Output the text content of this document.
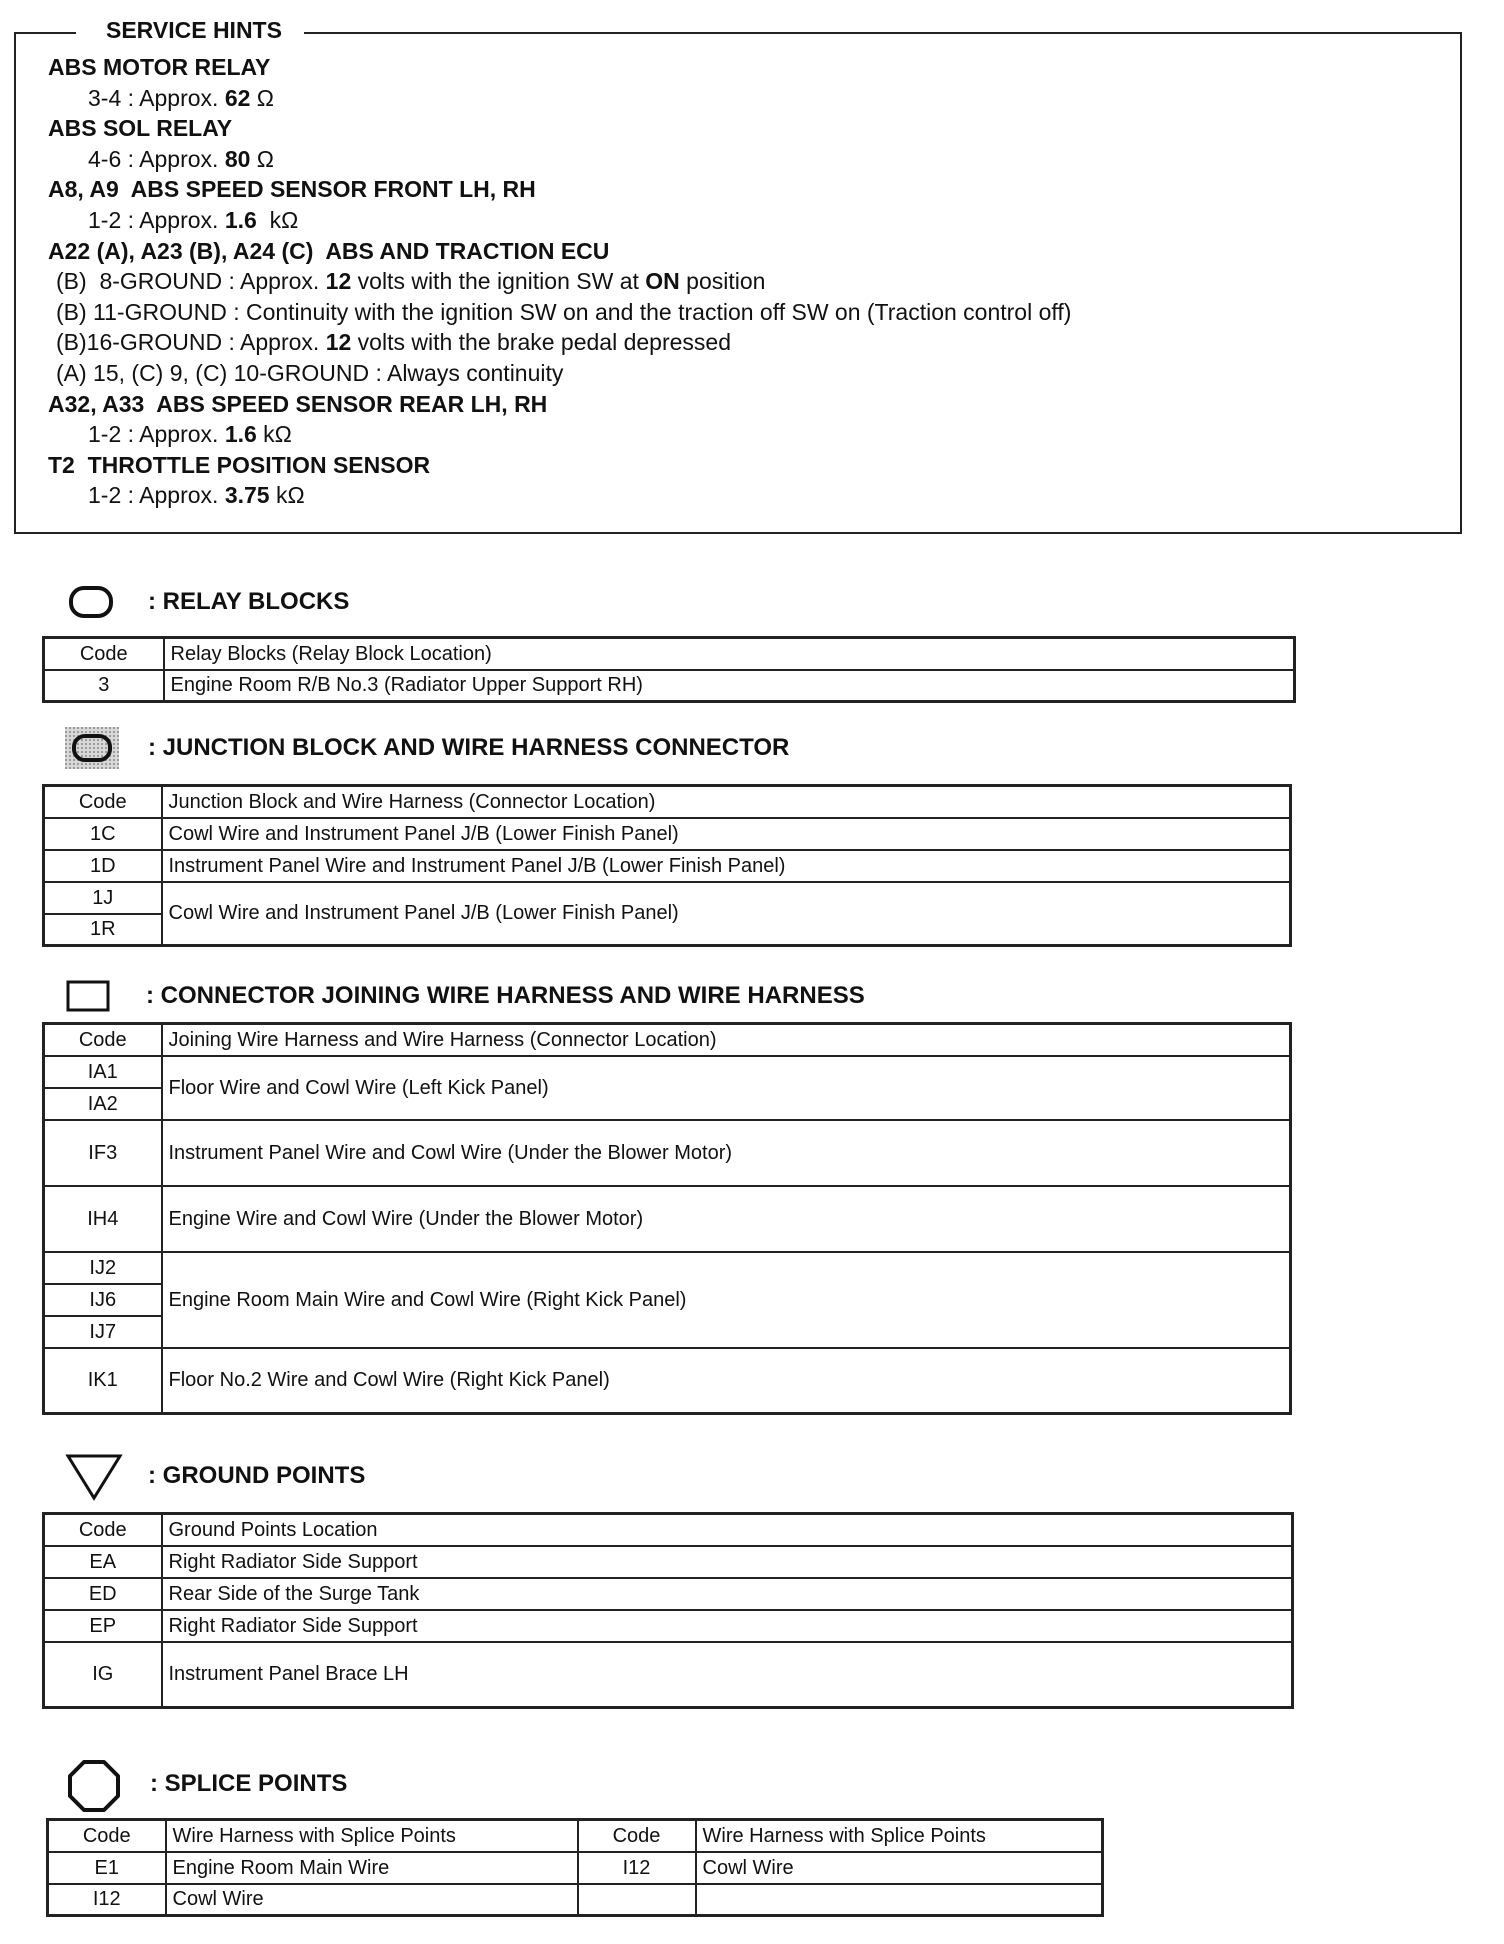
SERVICE HINTS
ABS MOTOR RELAY
3-4 : Approx. 62 Ω
ABS SOL RELAY
4-6 : Approx. 80 Ω
A8, A9  ABS SPEED SENSOR FRONT LH, RH
1-2 : Approx. 1.6  kΩ
A22 (A), A23 (B), A24 (C)  ABS AND TRACTION ECU
(B)  8-GROUND : Approx. 12 volts with the ignition SW at ON position
(B) 11-GROUND : Continuity with the ignition SW on and the traction off SW on (Traction control off)
(B)16-GROUND : Approx. 12 volts with the brake pedal depressed
(A) 15, (C) 9, (C) 10-GROUND : Always continuity
A32, A33  ABS SPEED SENSOR REAR LH, RH
1-2 : Approx. 1.6 kΩ
T2  THROTTLE POSITION SENSOR
1-2 : Approx. 3.75 kΩ
: RELAY BLOCKS
Code	Relay Blocks (Relay Block Location)
3	Engine Room R/B No.3 (Radiator Upper Support RH)
: JUNCTION BLOCK AND WIRE HARNESS CONNECTOR
Code	Junction Block and Wire Harness (Connector Location)
1C	Cowl Wire and Instrument Panel J/B (Lower Finish Panel)
1D	Instrument Panel Wire and Instrument Panel J/B (Lower Finish Panel)
1J	Cowl Wire and Instrument Panel J/B (Lower Finish Panel)
1R	
: CONNECTOR JOINING WIRE HARNESS AND WIRE HARNESS
Code	Joining Wire Harness and Wire Harness (Connector Location)
IA1	Floor Wire and Cowl Wire (Left Kick Panel)
IA2	
IF3	Instrument Panel Wire and Cowl Wire (Under the Blower Motor)
IH4	Engine Wire and Cowl Wire (Under the Blower Motor)
IJ2	Engine Room Main Wire and Cowl Wire (Right Kick Panel)
IJ6	
IJ7	
IK1	Floor No.2 Wire and Cowl Wire (Right Kick Panel)
: GROUND POINTS
Code	Ground Points Location
EA	Right Radiator Side Support
ED	Rear Side of the Surge Tank
EP	Right Radiator Side Support
IG	Instrument Panel Brace LH
: SPLICE POINTS
Code	Wire Harness with Splice Points	Code	Wire Harness with Splice Points
E1	Engine Room Main Wire	I12	Cowl Wire
I12	Cowl Wire		
